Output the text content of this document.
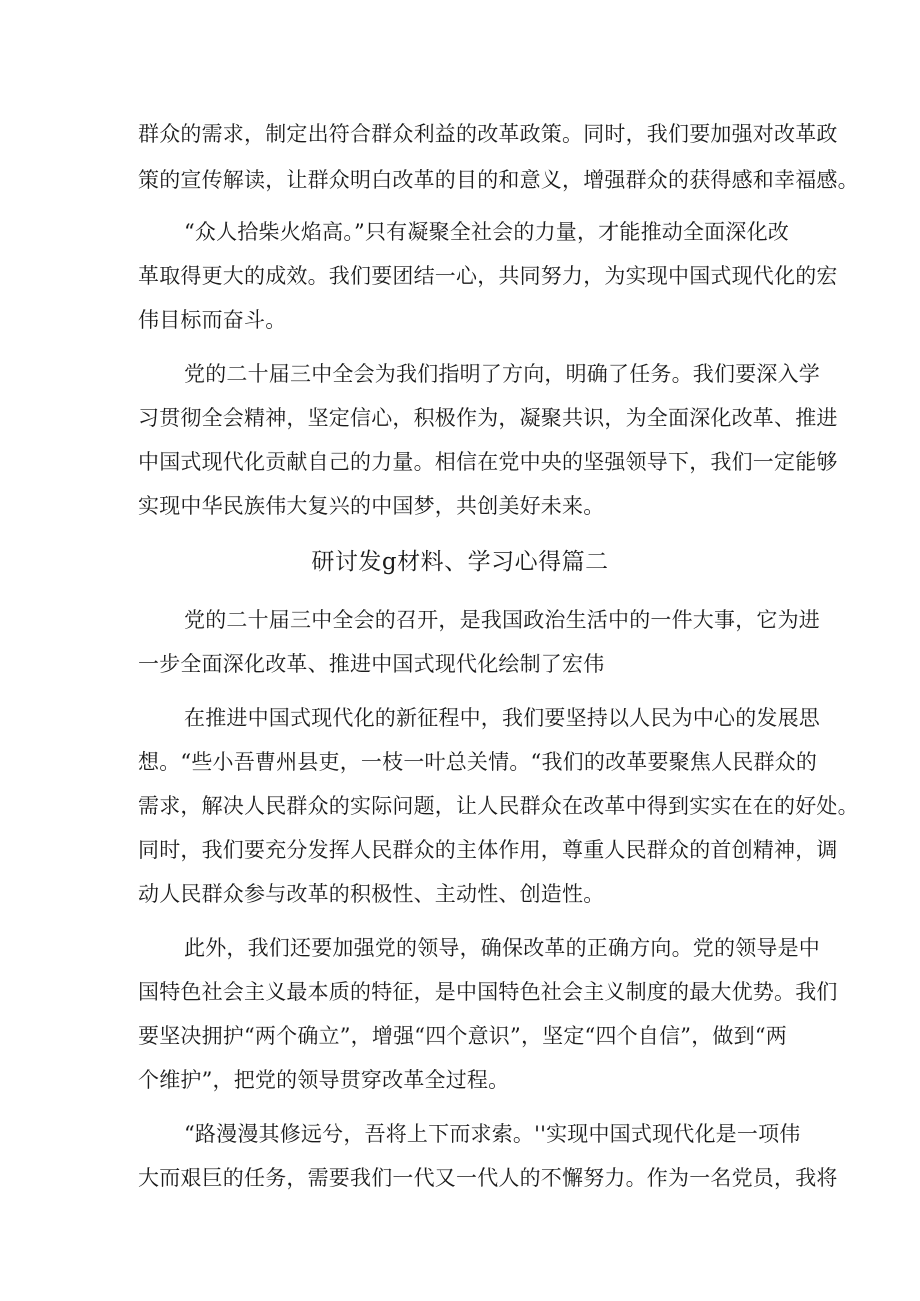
群众的需求，制定出符合群众利益的改革政策。同时，我们要加强对改革政
策的宣传解读，让群众明白改革的目的和意义，增强群众的获得感和幸福感。
“众人拾柴火焰高。”只有凝聚全社会的力量，才能推动全面深化改
革取得更大的成效。我们要团结一心，共同努力，为实现中国式现代化的宏
伟目标而奋斗。
党的二十届三中全会为我们指明了方向，明确了任务。我们要深入学
习贯彻全会精神，坚定信心，积极作为，凝聚共识，为全面深化改革、推进
中国式现代化贡献自己的力量。相信在党中央的坚强领导下，我们一定能够
实现中华民族伟大复兴的中国梦，共创美好未来。
研讨发g材料、学习心得篇二
党的二十届三中全会的召开，是我国政治生活中的一件大事，它为进
一步全面深化改革、推进中国式现代化绘制了宏伟
在推进中国式现代化的新征程中，我们要坚持以人民为中心的发展思
想。“些小吾曹州县吏，一枝一叶总关情。“我们的改革要聚焦人民群众的
需求，解决人民群众的实际问题，让人民群众在改革中得到实实在在的好处。
同时，我们要充分发挥人民群众的主体作用，尊重人民群众的首创精神，调
动人民群众参与改革的积极性、主动性、创造性。
此外，我们还要加强党的领导，确保改革的正确方向。党的领导是中
国特色社会主义最本质的特征，是中国特色社会主义制度的最大优势。我们
要坚决拥护“两个确立”，增强“四个意识”，坚定“四个自信”，做到“两
个维护”，把党的领导贯穿改革全过程。
“路漫漫其修远兮，吾将上下而求索。''实现中国式现代化是一项伟
大而艰巨的任务，需要我们一代又一代人的不懈努力。作为一名党员，我将
